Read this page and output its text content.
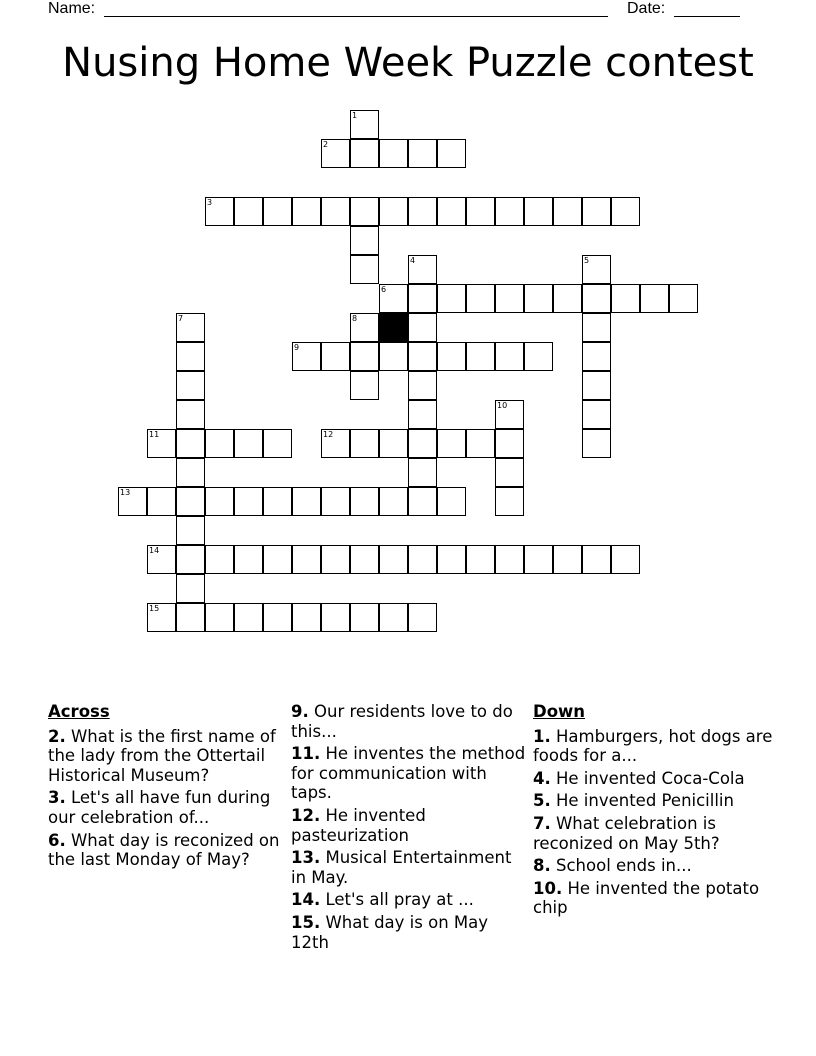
Name:	Date:
Nusing Home Week Puzzle contest
1
2
3
4	5
6
7	8
9
10
11	12
13
14
15
Across
2. What is the first name of the lady from the Ottertail Historical Museum?
3. Let's all have fun during our celebration of...
6. What day is reconized on the last Monday of May?
9. Our residents love to do this...
11. He inventes the method for communication with taps.
12. He invented pasteurization
13. Musical Entertainment in May.
14. Let's all pray at ...
15. What day is on May 12th
Down
1. Hamburgers, hot dogs are foods for a...
4. He invented Coca-Cola
5. He invented Penicillin
7. What celebration is reconized on May 5th?
8. School ends in...
10. He invented the potato chip
